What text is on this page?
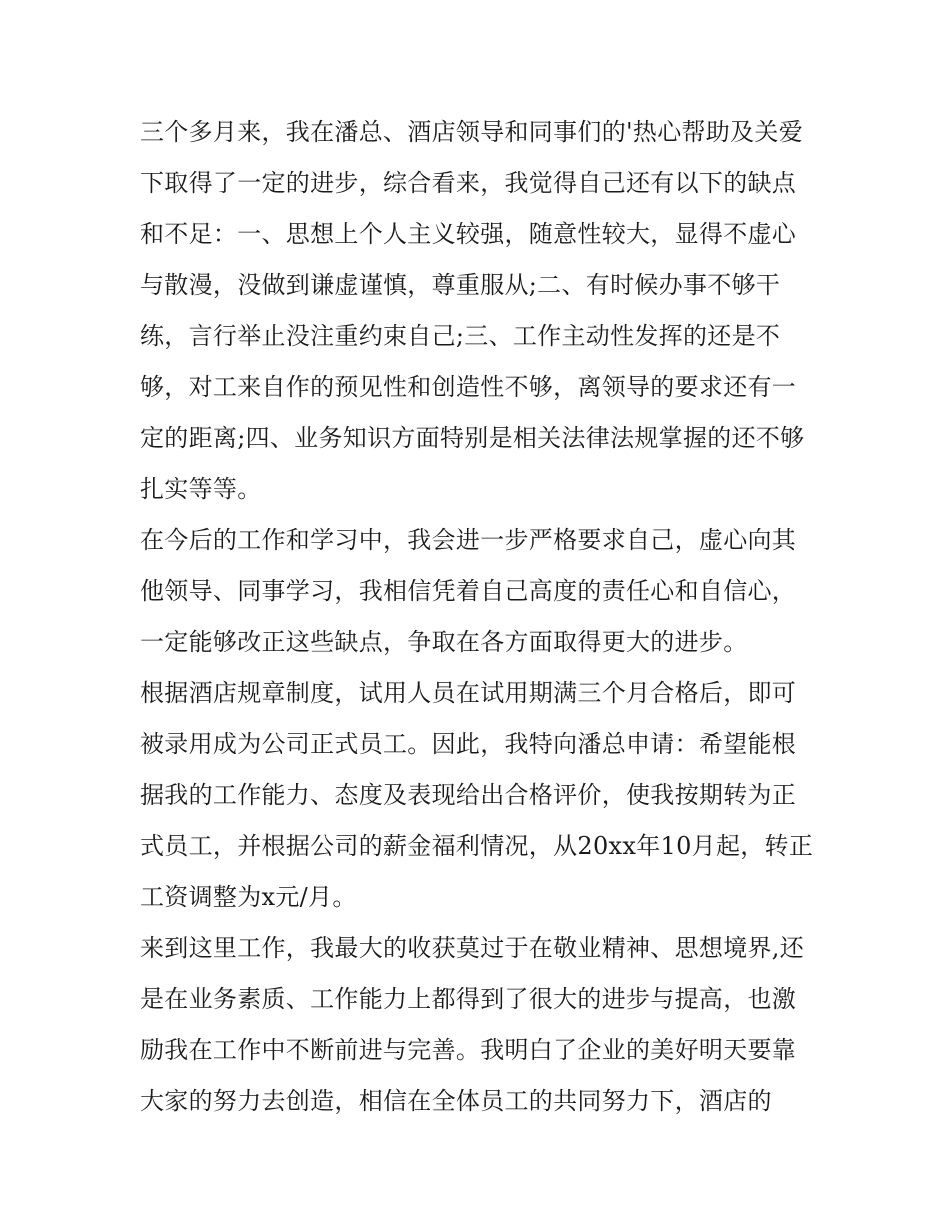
三个多月来，我在潘总、酒店领导和同事们的'热心帮助及关爱下取得了一定的进步，综合看来，我觉得自己还有以下的缺点和不足：一、思想上个人主义较强，随意性较大，显得不虚心与散漫，没做到谦虚谨慎，尊重服从;二、有时候办事不够干练，言行举止没注重约束自己;三、工作主动性发挥的还是不够，对工来自作的预见性和创造性不够，离领导的要求还有一定的距离;四、业务知识方面特别是相关法律法规掌握的还不够扎实等等。

在今后的工作和学习中，我会进一步严格要求自己，虚心向其他领导、同事学习，我相信凭着自己高度的责任心和自信心，一定能够改正这些缺点，争取在各方面取得更大的进步。

根据酒店规章制度，试用人员在试用期满三个月合格后，即可被录用成为公司正式员工。因此，我特向潘总申请：希望能根据我的工作能力、态度及表现给出合格评价，使我按期转为正式员工，并根据公司的薪金福利情况，从20xx年10月起，转正工资调整为x元/月。

来到这里工作，我最大的收获莫过于在敬业精神、思想境界,还是在业务素质、工作能力上都得到了很大的进步与提高，也激励我在工作中不断前进与完善。我明白了企业的美好明天要靠大家的努力去创造，相信在全体员工的共同努力下，酒店的
